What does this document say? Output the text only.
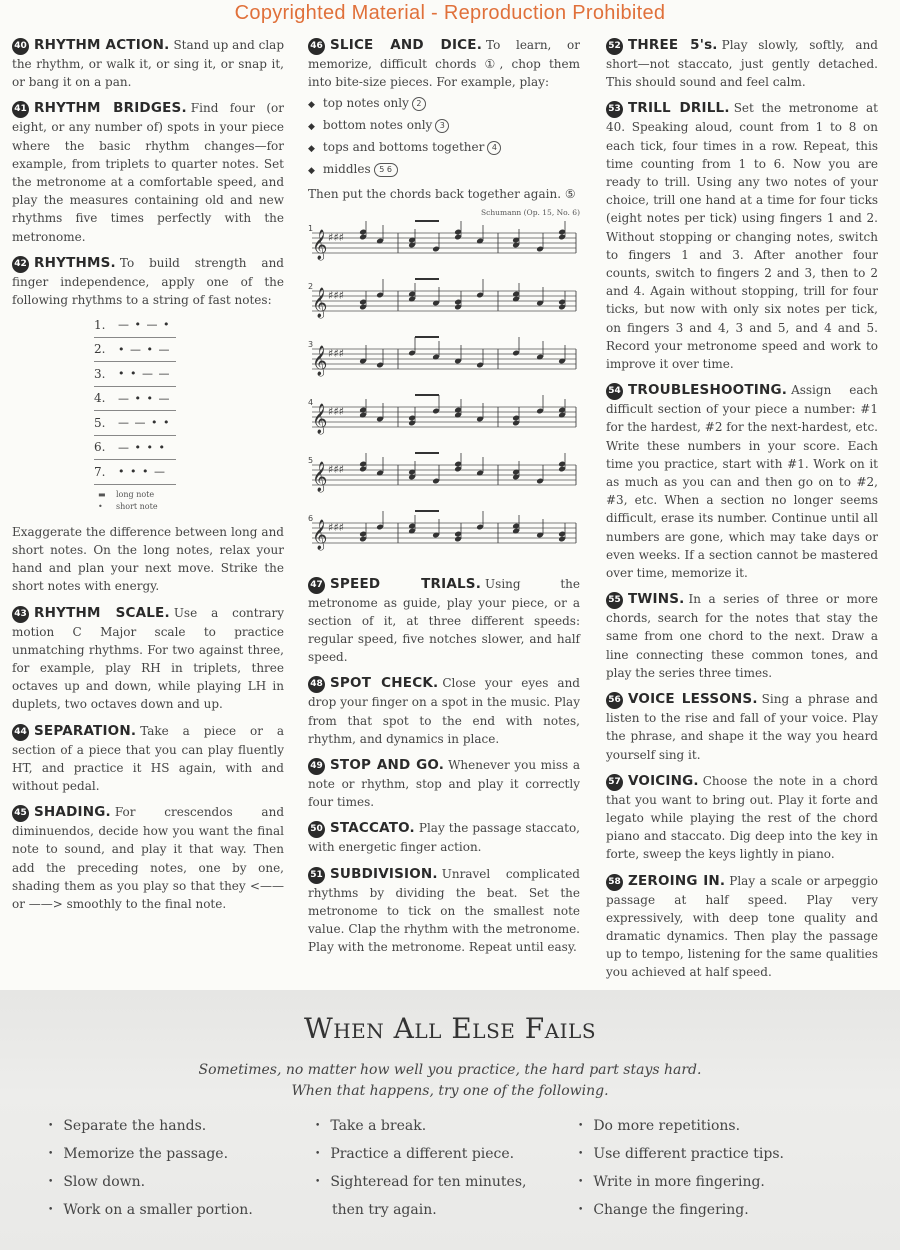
Copyrighted Material - Reproduction Prohibited

40 RHYTHM ACTION. Stand up and clap the rhythm, or walk it, or sing it, or snap it, or bang it on a pan.

41 RHYTHM BRIDGES. Find four (or eight, or any number of) spots in your piece where the basic rhythm changes—for example, from triplets to quarter notes. Set the metronome at a comfortable speed, and play the measures containing old and new rhythms five times perfectly with the metronome.

42 RHYTHMS. To build strength and finger independence, apply one of the following rhythms to a string of fast notes:

1.	— • — •
2.	• — • —
3.	• • — —
4.	— • • —
5.	— — • •
6.	— • • •
7.	• • • —
▬ long note
• short note

Exaggerate the difference between long and short notes. On the long notes, relax your hand and plan your next move. Strike the short notes with energy.

43 RHYTHM SCALE. Use a contrary motion C Major scale to practice unmatching rhythms. For two against three, for example, play RH in triplets, three octaves up and down, while playing LH in duplets, two octaves down and up.

44 SEPARATION. Take a piece or a section of a piece that you can play fluently HT, and practice it HS again, with and without pedal.

45 SHADING. For crescendos and diminuendos, decide how you want the final note to sound, and play it that way. Then add the preceding notes, one by one, shading them as you play so that they <—— or ——> smoothly to the final note.

46 SLICE AND DICE. To learn, or memorize, difficult chords ①, chop them into bite-size pieces. For example, play:

◆ top notes only 2
◆ bottom notes only 3
◆ tops and bottoms together 4
◆ middles 5 6

Then put the chords back together again. ⑤

Schumann (Op. 15, No. 6)
1
𝄞 ♯♯♯
2
𝄞 ♯♯♯
3
𝄞 ♯♯♯
4
𝄞 ♯♯♯
5
𝄞 ♯♯♯
6
𝄞 ♯♯♯

47 SPEED TRIALS. Using the metronome as guide, play your piece, or a section of it, at three different speeds: regular speed, five notches slower, and half speed.

48 SPOT CHECK. Close your eyes and drop your finger on a spot in the music. Play from that spot to the end with notes, rhythm, and dynamics in place.

49 STOP AND GO. Whenever you miss a note or rhythm, stop and play it correctly four times.

50 STACCATO. Play the passage staccato, with energetic finger action.

51 SUBDIVISION. Unravel complicated rhythms by dividing the beat. Set the metronome to tick on the smallest note value. Clap the rhythm with the metronome. Play with the metronome. Repeat until easy.

52 THREE 5's. Play slowly, softly, and short—not staccato, just gently detached. This should sound and feel calm.

53 TRILL DRILL. Set the metronome at 40. Speaking aloud, count from 1 to 8 on each tick, four times in a row. Repeat, this time counting from 1 to 6. Now you are ready to trill. Using any two notes of your choice, trill one hand at a time for four ticks (eight notes per tick) using fingers 1 and 2. Without stopping or changing notes, switch to fingers 1 and 3. After another four counts, switch to fingers 2 and 3, then to 2 and 4. Again without stopping, trill for four ticks, but now with only six notes per tick, on fingers 3 and 4, 3 and 5, and 4 and 5. Record your metronome speed and work to improve it over time.

54 TROUBLESHOOTING. Assign each difficult section of your piece a number: #1 for the hardest, #2 for the next-hardest, etc. Write these numbers in your score. Each time you practice, start with #1. Work on it as much as you can and then go on to #2, #3, etc. When a section no longer seems difficult, erase its number. Continue until all numbers are gone, which may take days or even weeks. If a section cannot be mastered over time, memorize it.

55 TWINS. In a series of three or more chords, search for the notes that stay the same from one chord to the next. Draw a line connecting these common tones, and play the series three times.

56 VOICE LESSONS. Sing a phrase and listen to the rise and fall of your voice. Play the phrase, and shape it the way you heard yourself sing it.

57 VOICING. Choose the note in a chord that you want to bring out. Play it forte and legato while playing the rest of the chord piano and staccato. Dig deep into the key in forte, sweep the keys lightly in piano.

58 ZEROING IN. Play a scale or arpeggio passage at half speed. Play very expressively, with deep tone quality and dramatic dynamics. Then play the passage up to tempo, listening for the same qualities you achieved at half speed.

When All Else Fails
Sometimes, no matter how well you practice, the hard part stays hard.
When that happens, try one of the following.
• Separate the hands.
• Memorize the passage.
• Slow down.
• Work on a smaller portion.
• Take a break.
• Practice a different piece.
• Sighteread for ten minutes,
then try again.
• Do more repetitions.
• Use different practice tips.
• Write in more fingering.
• Change the fingering.
